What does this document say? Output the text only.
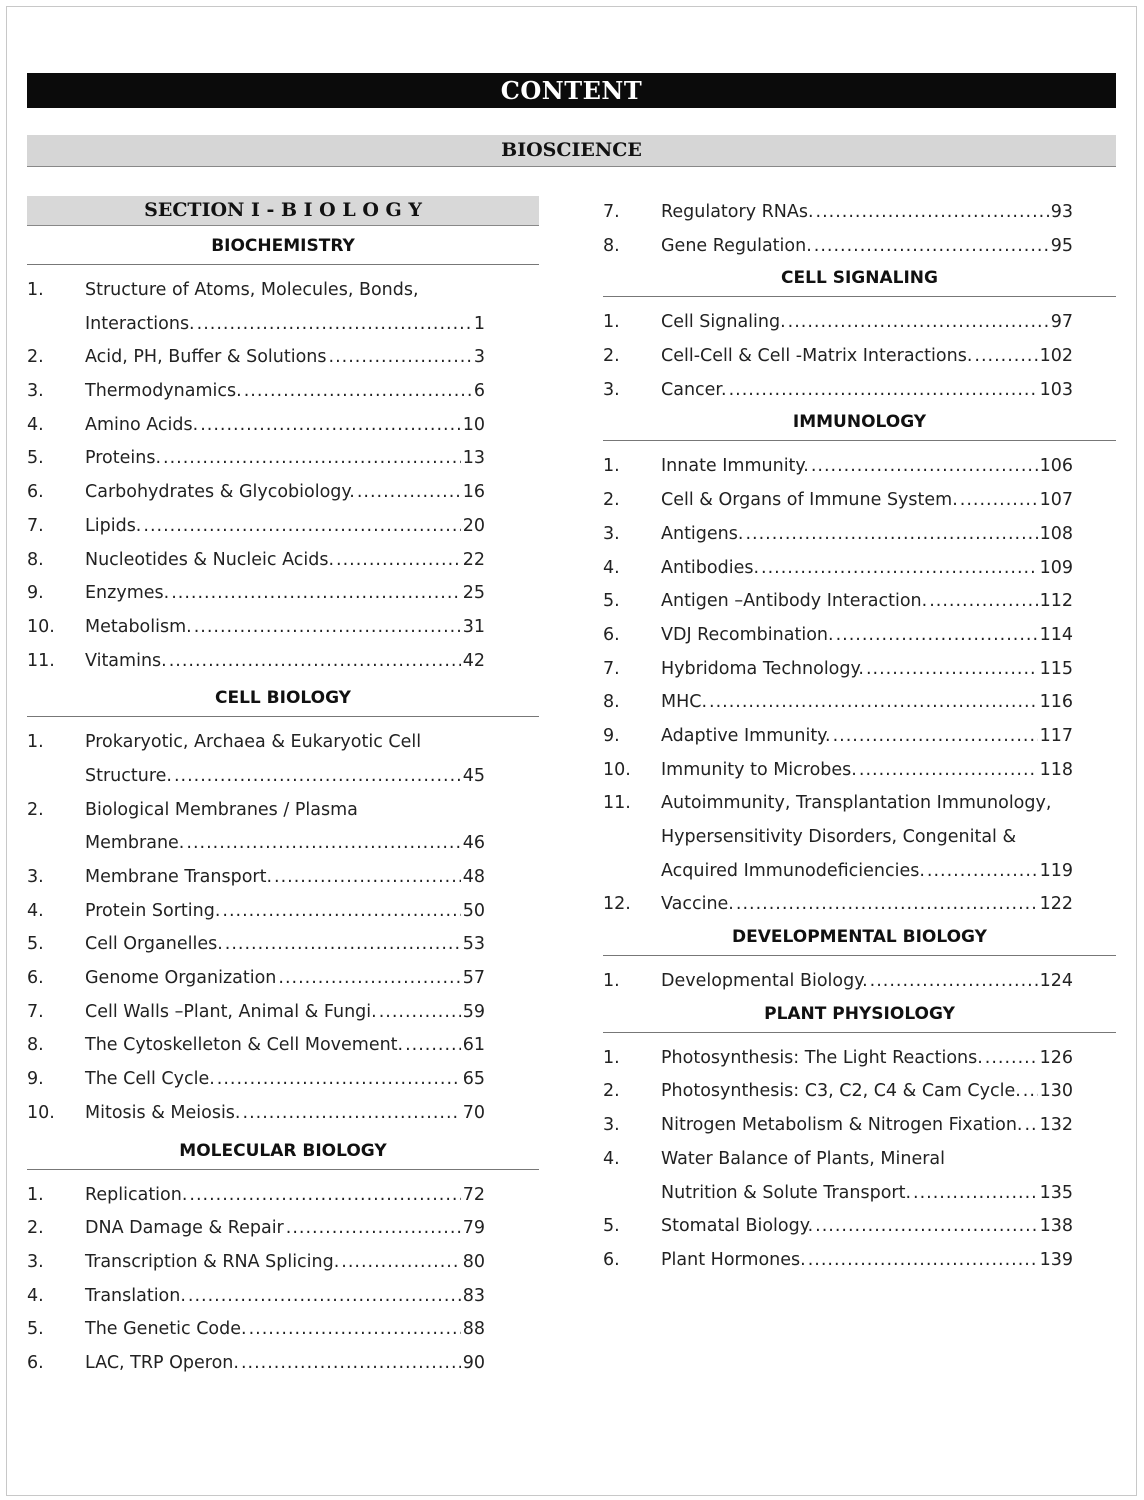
CONTENT
BIOSCIENCE
SECTION I - B I O L O G Y
BIOCHEMISTRY
1.	Structure of Atoms, Molecules, Bonds,
Interactions. .....	1
2.	Acid, PH, Buffer & Solutions .....	3
3.	Thermodynamics. .....	6
4.	Amino Acids. .....	10
5.	Proteins. .....	13
6.	Carbohydrates & Glycobiology. .....	16
7.	Lipids. .....	20
8.	Nucleotides & Nucleic Acids. .....	22
9.	Enzymes. .....	25
10.	Metabolism. .....	31
11.	Vitamins. .....	42
CELL BIOLOGY
1.	Prokaryotic, Archaea & Eukaryotic Cell
Structure. .....	45
2.	Biological Membranes / Plasma
Membrane. .....	46
3.	Membrane Transport. .....	48
4.	Protein Sorting. .....	50
5.	Cell Organelles. .....	53
6.	Genome Organization .....	57
7.	Cell Walls –Plant, Animal & Fungi. .....	59
8.	The Cytoskelleton & Cell Movement. .....	61
9.	The Cell Cycle. .....	65
10.	Mitosis & Meiosis. .....	70
MOLECULAR BIOLOGY
1.	Replication. .....	72
2.	DNA Damage & Repair .....	79
3.	Transcription & RNA Splicing. .....	80
4.	Translation. .....	83
5.	The Genetic Code. .....	88
6.	LAC, TRP Operon. .....	90
7.	Regulatory RNAs. .....	93
8.	Gene Regulation. .....	95
CELL SIGNALING
1.	Cell Signaling. .....	97
2.	Cell-Cell & Cell -Matrix Interactions. .....	102
3.	Cancer. .....	103
IMMUNOLOGY
1.	Innate Immunity. .....	106
2.	Cell & Organs of Immune System. .....	107
3.	Antigens. .....	108
4.	Antibodies. .....	109
5.	Antigen –Antibody Interaction. .....	112
6.	VDJ Recombination. .....	114
7.	Hybridoma Technology. .....	115
8.	MHC. .....	116
9.	Adaptive Immunity. .....	117
10.	Immunity to Microbes. .....	118
11.	Autoimmunity, Transplantation Immunology,
Hypersensitivity Disorders, Congenital &
Acquired Immunodeficiencies. .....	119
12.	Vaccine. .....	122
DEVELOPMENTAL BIOLOGY
1.	Developmental Biology. .....	124
PLANT PHYSIOLOGY
1.	Photosynthesis: The Light Reactions. .....	126
2.	Photosynthesis: C3, C2, C4 & Cam Cycle. ..... 130
3.	Nitrogen Metabolism & Nitrogen Fixation. ..... 132
4.	Water Balance of Plants, Mineral
Nutrition & Solute Transport. .....	135
5.	Stomatal Biology. .....	138
6.	Plant Hormones. .....	139
